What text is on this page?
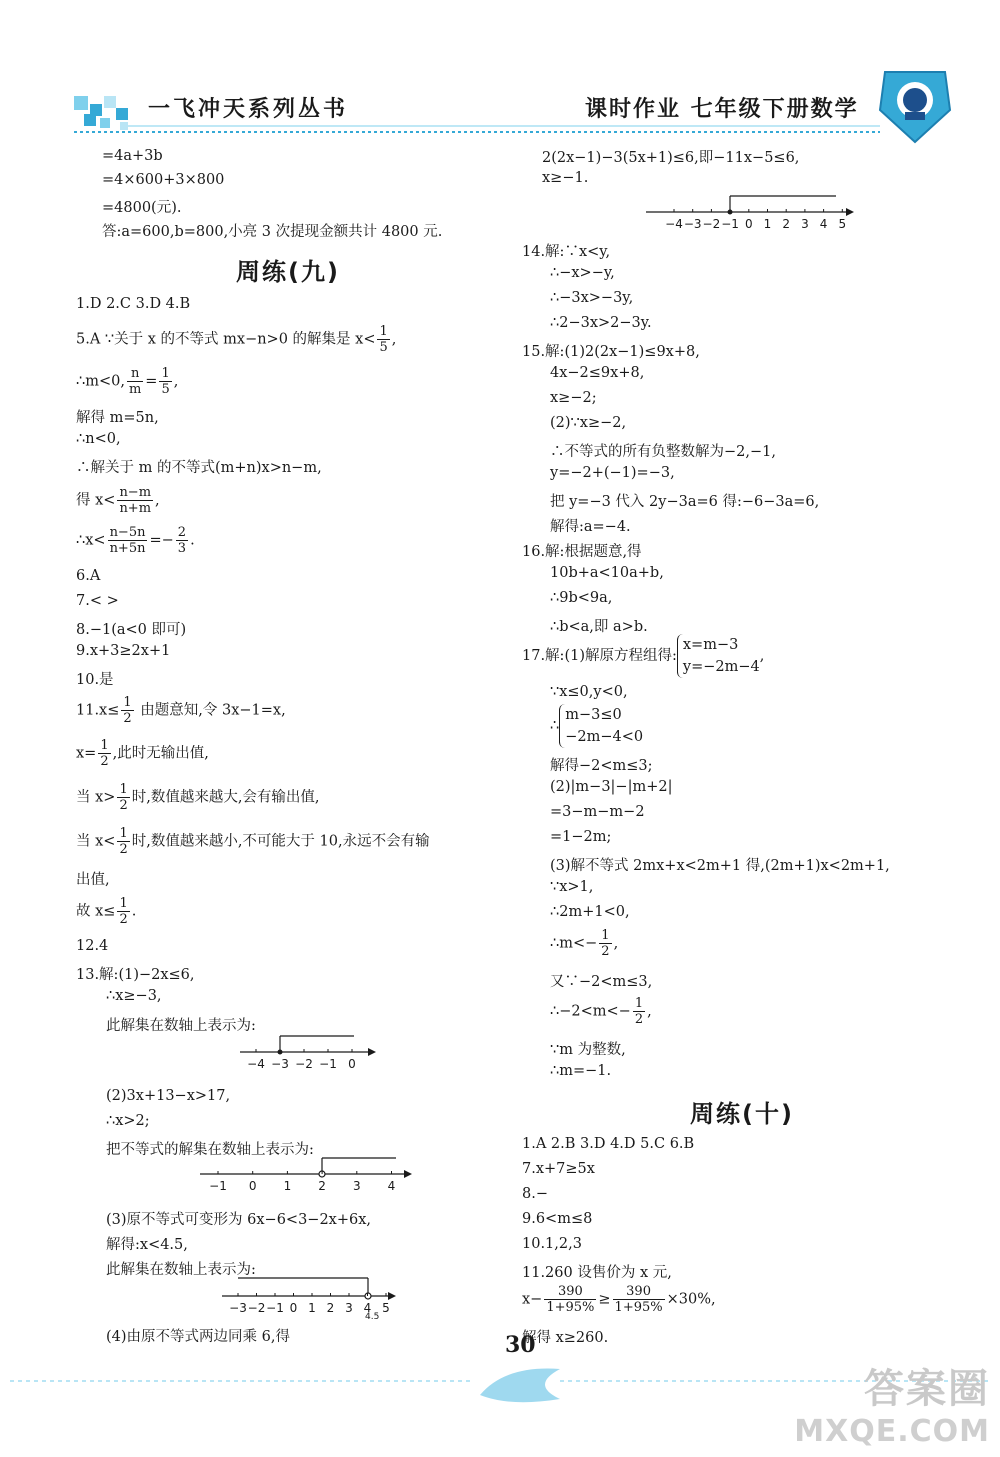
一飞冲天系列丛书	课时作业 七年级下册数学
=4a+3b
=4×600+3×800
=4800(元).
答:a=600,b=800,小亮 3 次提现金额共计 4800 元.
周练(九)
1.D 2.C 3.D 4.B
5.A ∵关于 x 的不等式 mx−n>0 的解集是 $x< \frac{1}{5}$ ,
∴m<0, $\frac{n}{m} = \frac{1}{5}$ ,
解得 m=5n,
∴n<0,
∴解关于 m 的不等式(m+n)x>n−m,
得 $x< \frac{n-m}{n+m}$ ,
∴x< $\frac{n-5n}{n+5n} =- \frac{2}{3}$ .
6.A
7.< >
8.−1(a<0 即可)
9.x+3≥2x+1
10.是
$11.x\le \frac{1}{2}$ 由题意知,令 3x−1=x,
$x= \frac{1}{2}$ ,此时无输出值,
当 $x> \frac{1}{2}$ 时,数值越来越大,会有输出值,
当 $x< \frac{1}{2}$ 时,数值越来越小,不可能大于 10,永远不会有输
出值,
故 $x\le \frac{1}{2}$ .
12.4
13.解:(1)−2x≤6,
∴x≥−3,
此解集在数轴上表示为:
−4 −3 −2 −1 0
(2)3x+13−x>17,
∴x>2;
把不等式的解集在数轴上表示为:
−1 0 1 2 3 4
(3)原不等式可变形为 6x−6<3−2x+6x,
解得:x<4.5,
此解集在数轴上表示为:
−3 −2 −1 0 1 2 3 4 5
4.5
(4)由原不等式两边同乘 6,得
2(2x−1)−3(5x+1)≤6,即−11x−5≤6,
x≥−1.
−4 −3 −2 −1 0 1 2 3 4 5
14.解:∵x<y,
∴−x>−y,
∴−3x>−3y,
∴2−3x>2−3y.
15.解:(1)2(2x−1)≤9x+8,
4x−2≤9x+8,
x≥−2;
(2)∵x≥−2,
∴不等式的所有负整数解为−2,−1,
y=−2+(−1)=−3,
把 y=−3 代入 2y−3a=6 得:−6−3a=6,
解得:a=−4.
16.解:根据题意,得
10b+a<10a+b,
∴9b<9a,
∴b<a,即 a>b.
17.解:(1)解原方程组得:
x=m−3
y=−2m−4
,
∵x≤0,y<0,
∴
m−3≤0
−2m−4<0
解得−2<m≤3;
(2)|m−3|−|m+2|
=3−m−m−2
=1−2m;
(3)解不等式 2mx+x<2m+1 得,(2m+1)x<2m+1,
∵x>1,
∴2m+1<0,
∴m<− $\frac{1}{2}$ ,
又∵−2<m≤3,
∴−2<m<− $\frac{1}{2}$ ,
∵m 为整数,
∴m=−1.
周练(十)
1.A 2.B 3.D 4.D 5.C 6.B
7.x+7≥5x
8.−
9.6<m≤8
10.1,2,3
11.260 设售价为 x 元,
$x- \frac{390}{1+95\%} \ge \frac{390}{1+95\%} \times 30\%$,
解得 x≥260.
30
答案圈
MXQE.COM
